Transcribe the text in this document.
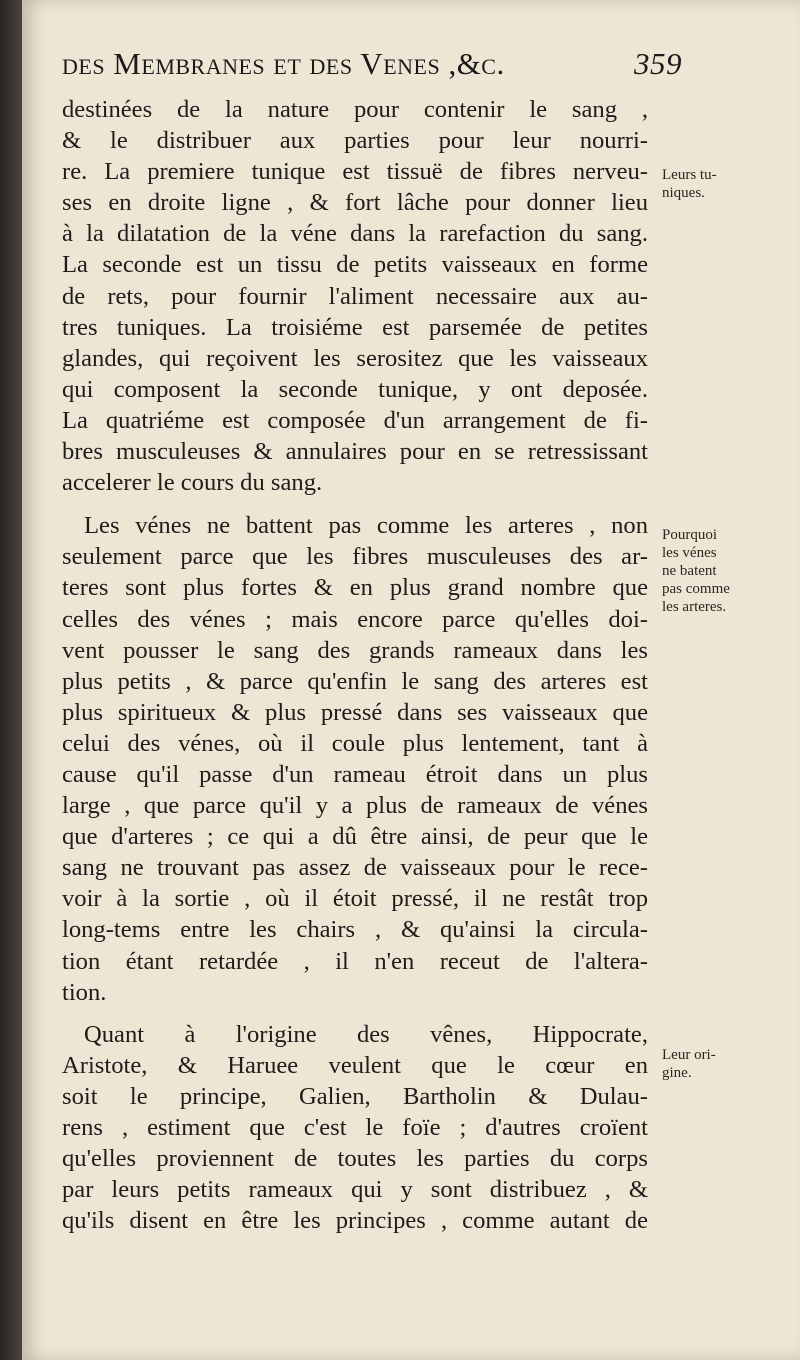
des Membranes et des Venes ,&c.	359
destinées de la nature pour contenir le sang ,
& le distribuer aux parties pour leur nourri-
re. La premiere tunique est tissuë de fibres nerveu-
ses en droite ligne , & fort lâche pour donner lieu
à la dilatation de la véne dans la rarefaction du sang.
La seconde est un tissu de petits vaisseaux en forme
de rets, pour fournir l'aliment necessaire aux au-
tres tuniques. La troisiéme est parsemée de petites
glandes, qui reçoivent les serositez que les vaisseaux
qui composent la seconde tunique, y ont deposée.
La quatriéme est composée d'un arrangement de fi-
bres musculeuses & annulaires pour en se retressissant
accelerer le cours du sang.
Les vénes ne battent pas comme les arteres , non
seulement parce que les fibres musculeuses des ar-
teres sont plus fortes & en plus grand nombre que
celles des vénes ; mais encore parce qu'elles doi-
vent pousser le sang des grands rameaux dans les
plus petits , & parce qu'enfin le sang des arteres est
plus spiritueux & plus pressé dans ses vaisseaux que
celui des vénes, où il coule plus lentement, tant à
cause qu'il passe d'un rameau étroit dans un plus
large , que parce qu'il y a plus de rameaux de vénes
que d'arteres ; ce qui a dû être ainsi, de peur que le
sang ne trouvant pas assez de vaisseaux pour le rece-
voir à la sortie , où il étoit pressé, il ne restât trop
long-tems entre les chairs , & qu'ainsi la circula-
tion étant retardée , il n'en receut de l'altera-
tion.
Quant à l'origine des vênes, Hippocrate,
Aristote, & Haruee veulent que le cœur en
soit le principe, Galien, Bartholin & Dulau-
rens , estiment que c'est le foïe ; d'autres croïent
qu'elles proviennent de toutes les parties du corps
par leurs petits rameaux qui y sont distribuez , &
qu'ils disent en être les principes , comme autant de
Leurs tu-
niques.
Pourquoi
les vénes
ne batent
pas comme
les arteres.
Leur ori-
gine.
